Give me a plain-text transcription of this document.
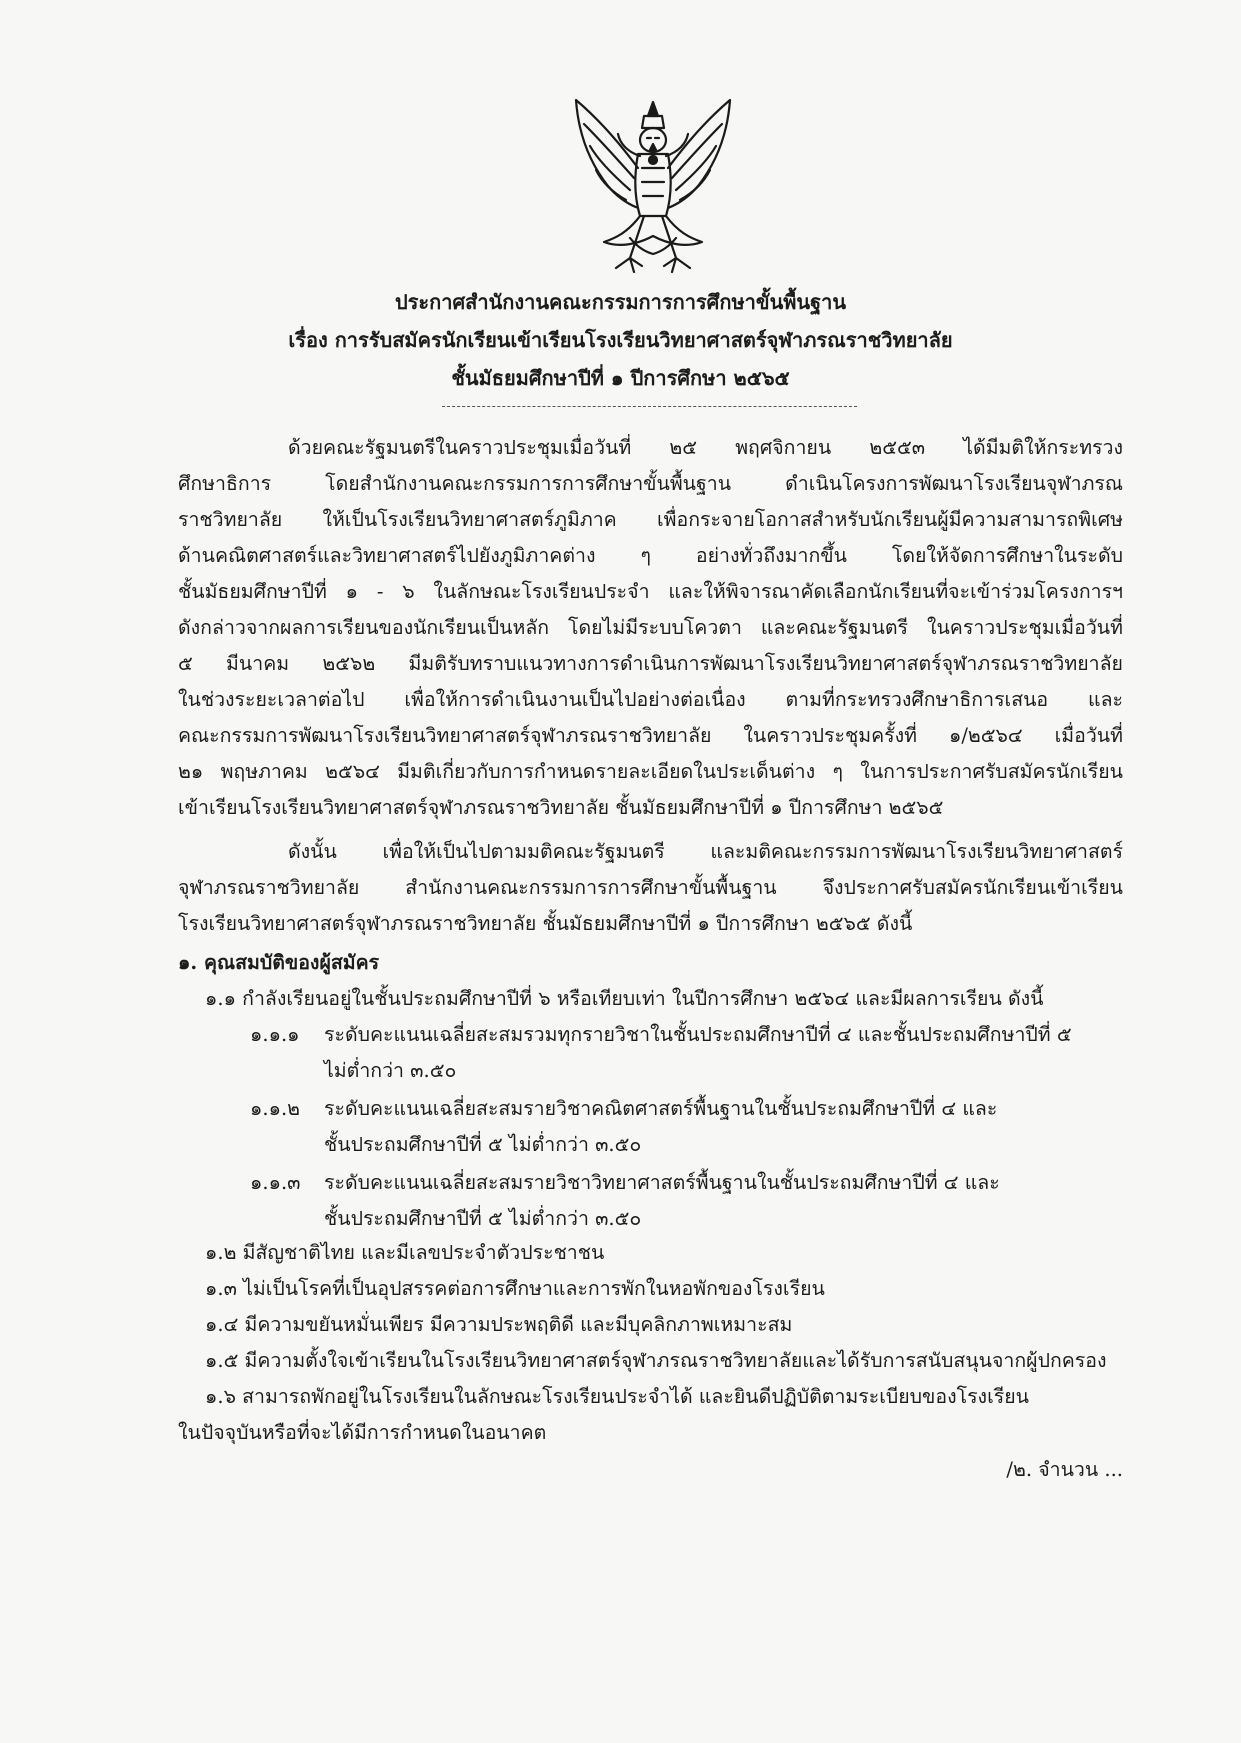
ประกาศสำนักงานคณะกรรมการการศึกษาขั้นพื้นฐาน
เรื่อง การรับสมัครนักเรียนเข้าเรียนโรงเรียนวิทยาศาสตร์จุฬาภรณราชวิทยาลัย
ชั้นมัธยมศึกษาปีที่ ๑ ปีการศึกษา ๒๕๖๕
ด้วยคณะรัฐมนตรีในคราวประชุมเมื่อวันที่ ๒๕ พฤศจิกายน ๒๕๕๓ ได้มีมติให้กระทรวง
ศึกษาธิการ โดยสำนักงานคณะกรรมการการศึกษาขั้นพื้นฐาน ดำเนินโครงการพัฒนาโรงเรียนจุฬาภรณ
ราชวิทยาลัย ให้เป็นโรงเรียนวิทยาศาสตร์ภูมิภาค เพื่อกระจายโอกาสสำหรับนักเรียนผู้มีความสามารถพิเศษ
ด้านคณิตศาสตร์และวิทยาศาสตร์ไปยังภูมิภาคต่าง ๆ อย่างทั่วถึงมากขึ้น โดยให้จัดการศึกษาในระดับ
ชั้นมัธยมศึกษาปีที่ ๑ - ๖ ในลักษณะโรงเรียนประจำ และให้พิจารณาคัดเลือกนักเรียนที่จะเข้าร่วมโครงการฯ
ดังกล่าวจากผลการเรียนของนักเรียนเป็นหลัก โดยไม่มีระบบโควตา และคณะรัฐมนตรี ในคราวประชุมเมื่อวันที่
๕ มีนาคม ๒๕๖๒ มีมติรับทราบแนวทางการดำเนินการพัฒนาโรงเรียนวิทยาศาสตร์จุฬาภรณราชวิทยาลัย
ในช่วงระยะเวลาต่อไป เพื่อให้การดำเนินงานเป็นไปอย่างต่อเนื่อง ตามที่กระทรวงศึกษาธิการเสนอ และ
คณะกรรมการพัฒนาโรงเรียนวิทยาศาสตร์จุฬาภรณราชวิทยาลัย ในคราวประชุมครั้งที่ ๑/๒๕๖๔ เมื่อวันที่
๒๑ พฤษภาคม ๒๕๖๔ มีมติเกี่ยวกับการกำหนดรายละเอียดในประเด็นต่าง ๆ ในการประกาศรับสมัครนักเรียน
เข้าเรียนโรงเรียนวิทยาศาสตร์จุฬาภรณราชวิทยาลัย ชั้นมัธยมศึกษาปีที่ ๑ ปีการศึกษา ๒๕๖๕
ดังนั้น เพื่อให้เป็นไปตามมติคณะรัฐมนตรี และมติคณะกรรมการพัฒนาโรงเรียนวิทยาศาสตร์
จุฬาภรณราชวิทยาลัย สำนักงานคณะกรรมการการศึกษาขั้นพื้นฐาน จึงประกาศรับสมัครนักเรียนเข้าเรียน
โรงเรียนวิทยาศาสตร์จุฬาภรณราชวิทยาลัย ชั้นมัธยมศึกษาปีที่ ๑ ปีการศึกษา ๒๕๖๕ ดังนี้
๑. คุณสมบัติของผู้สมัคร
๑.๑ กำลังเรียนอยู่ในชั้นประถมศึกษาปีที่ ๖ หรือเทียบเท่า ในปีการศึกษา ๒๕๖๔ และมีผลการเรียน ดังนี้
๑.๑.๑ ระดับคะแนนเฉลี่ยสะสมรวมทุกรายวิชาในชั้นประถมศึกษาปีที่ ๔ และชั้นประถมศึกษาปีที่ ๕
ไม่ต่ำกว่า ๓.๕๐
๑.๑.๒ ระดับคะแนนเฉลี่ยสะสมรายวิชาคณิตศาสตร์พื้นฐานในชั้นประถมศึกษาปีที่ ๔ และ
ชั้นประถมศึกษาปีที่ ๕ ไม่ต่ำกว่า ๓.๕๐
๑.๑.๓ ระดับคะแนนเฉลี่ยสะสมรายวิชาวิทยาศาสตร์พื้นฐานในชั้นประถมศึกษาปีที่ ๔ และ
ชั้นประถมศึกษาปีที่ ๕ ไม่ต่ำกว่า ๓.๕๐
๑.๒ มีสัญชาติไทย และมีเลขประจำตัวประชาชน
๑.๓ ไม่เป็นโรคที่เป็นอุปสรรคต่อการศึกษาและการพักในหอพักของโรงเรียน
๑.๔ มีความขยันหมั่นเพียร มีความประพฤติดี และมีบุคลิกภาพเหมาะสม
๑.๕ มีความตั้งใจเข้าเรียนในโรงเรียนวิทยาศาสตร์จุฬาภรณราชวิทยาลัยและได้รับการสนับสนุนจากผู้ปกครอง
๑.๖ สามารถพักอยู่ในโรงเรียนในลักษณะโรงเรียนประจำได้ และยินดีปฏิบัติตามระเบียบของโรงเรียน
ในปัจจุบันหรือที่จะได้มีการกำหนดในอนาคต
/๒. จำนวน ...
